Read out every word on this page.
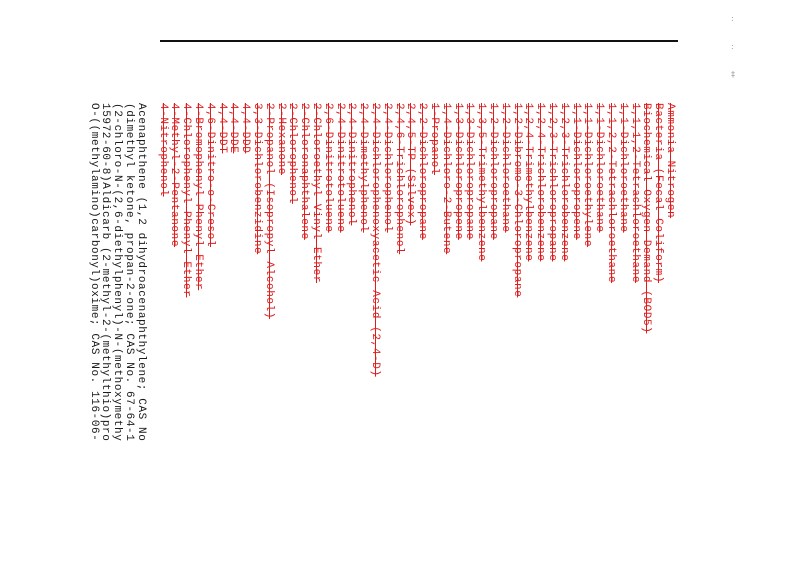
:
:
‡
Ammonia Nitrogen
Bacteria (Fecal Coliform)
Biochemical Oxygen Demand (BOD5)
1,1,1,2-Tetrachloroethane
1,1-Dichloroethane
1,1,2,2-Tetrachloroethane
1,1-Dichloroethane
1,1-Dichloroethylene
1,1-Dichloropropene
1,2,3-Trichlorobenzene
1,2,3-Trichloropropane
1,2,4-Trichlorobenzene
1,2,4-Trimethylbenzene
1,2-Dibromo-3-Chloropropane
1,2-Dichloroethane
1,2-Dichloropropane
1,3,5-Trimethylbenzene
1,3-Dichloropropane
1,3-Dichloropropene
1,4-Dichloro-2-Butene
1-Propanol
2,2-Dichloropropane
2,4,5-TP (Silvex)
2,4,6-Trichlorophenol
2,4-Dichlorophenol
2,4-Dichlorophenoxyacetic Acid (2,4-D)
2,4-Dimethylphenol
2,4-Dinitrophenol
2,4-Dinitrotoluene
2,6-Dinitrotoluene
2-Chloroethyl Vinyl Ether
2-Chloronaphthalene
2-Chlorophenol
2-Hexanone
2-Propanol (Isopropyl Alcohol)
3,3-Dichlorobenzidine
4,4-DDD
4,4-DDE
4,4-DDT
4,6-Dinitro-o-Cresol
4-Bromophenyl Phenyl Ether
4-Chlorophenyl Phenyl Ether
4-Methyl-2-Pentanone
4-Nitrophenol
Acenaphthene (1,2 dihydroacenaphthylene; CAS No
(dimethyl ketone, propan-2-one; CAS No. 67-64-1
(2-chloro-N-(2,6-diethylphenyl)-N-(methoxymethy
15972-60-8)Aldicarb (2-methyl-2-(methylthio)pro
O-((methylamino)carbonyl)oxime; CAS No. 116-06-
